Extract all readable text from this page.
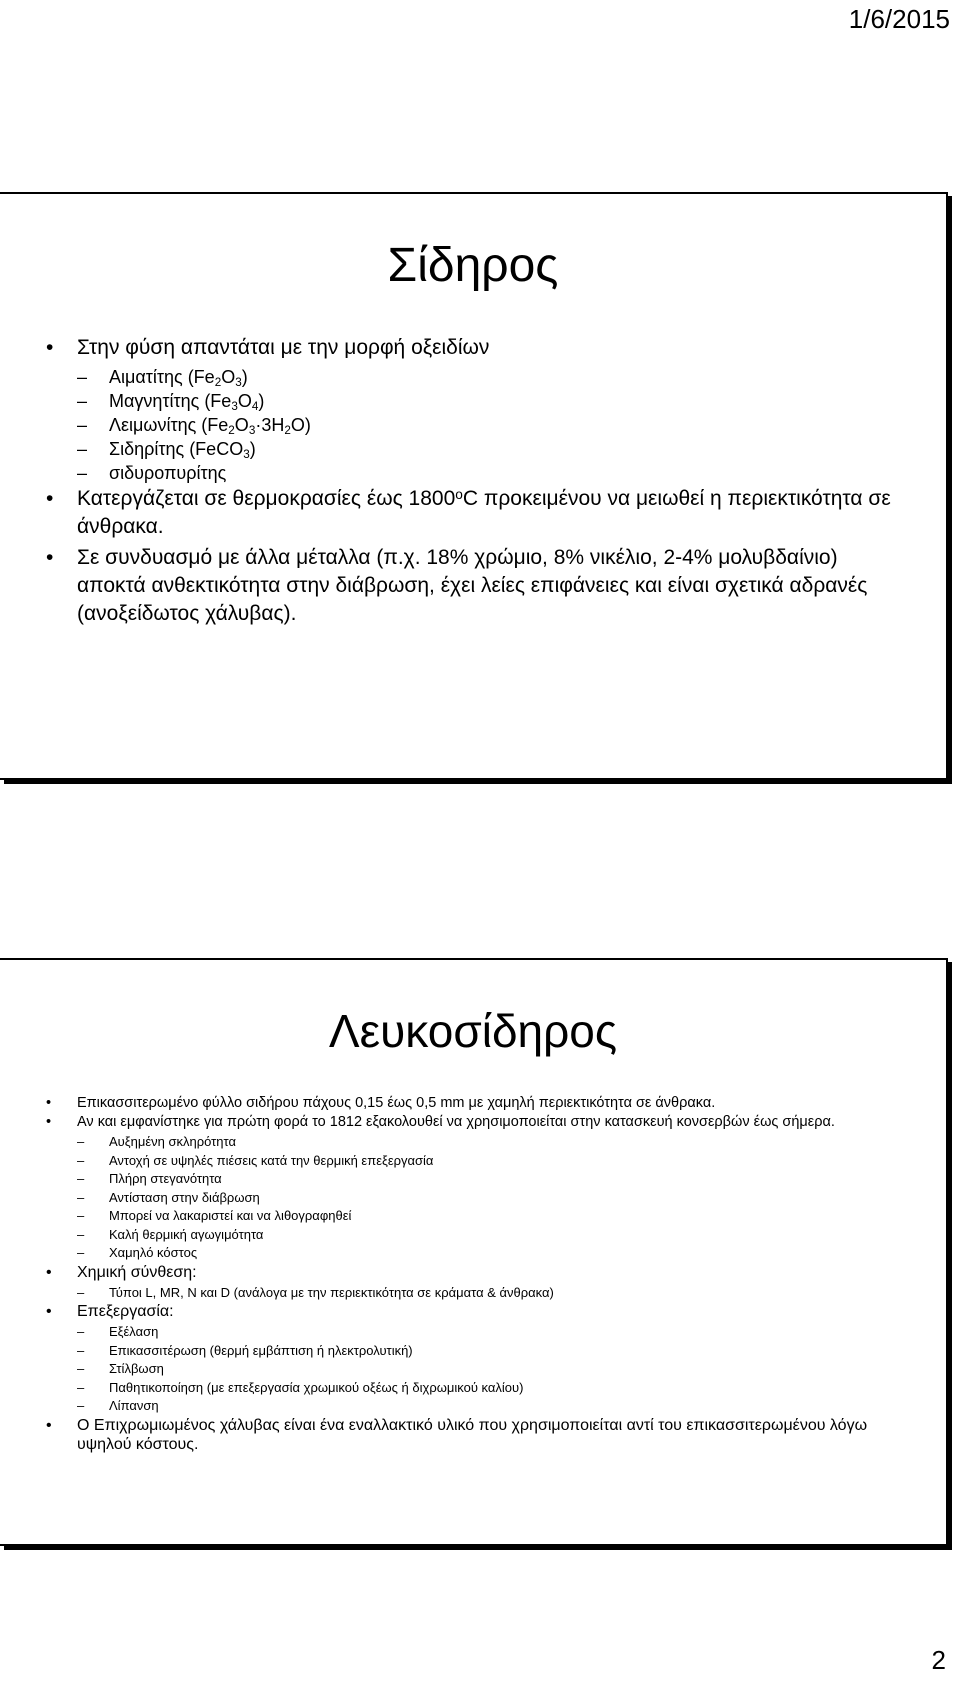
1/6/2015
Σίδηρος
• Στην φύση απαντάται με την μορφή οξειδίων
– Αιματίτης $(Fe_2O_3)$
– Μαγνητίτης $(Fe_3O_4)$
– Λειμωνίτης $(Fe_2O_3\cdot 3H_2O)$
– Σιδηρίτης (FeCO$_3$)
– σιδυροπυρίτης
• Κατεργάζεται σε θερμοκρασίες έως 1800$^o$C προκειμένου να μειωθεί η περιεκτικότητα σε άνθρακα.
• Σε συνδυασμό με άλλα μέταλλα (π.χ. 18% χρώμιο, 8% νικέλιο, 2-4% μολυβδαίνιο) αποκτά ανθεκτικότητα στην διάβρωση, έχει λείες επιφάνειες και είναι σχετικά αδρανές (ανοξείδωτος χάλυβας).
Λευκοσίδηρος
• Επικασσιτερωμένο φύλλο σιδήρου πάχους 0,15 έως 0,5 mm με χαμηλή περιεκτικότητα σε άνθρακα.
• Αν και εμφανίστηκε για πρώτη φορά το 1812 εξακολουθεί να χρησιμοποιείται στην κατασκευή κονσερβών έως σήμερα.
– Αυξημένη σκληρότητα
– Αντοχή σε υψηλές πιέσεις κατά την θερμική επεξεργασία
– Πλήρη στεγανότητα
– Αντίσταση στην διάβρωση
– Μπορεί να λακαριστεί και να λιθογραφηθεί
– Καλή θερμική αγωγιμότητα
– Χαμηλό κόστος
• Χημική σύνθεση:
– Τύποι L, MR, N και D (ανάλογα με την περιεκτικότητα σε κράματα & άνθρακα)
• Επεξεργασία:
– Εξέλαση
– Επικασσιτέρωση (θερμή εμβάπτιση ή ηλεκτρολυτική)
– Στίλβωση
– Παθητικοποίηση (με επεξεργασία χρωμικού οξέως ή διχρωμικού καλίου)
– Λίπανση
• Ο Επιχρωμιωμένος χάλυβας είναι ένα εναλλακτικό υλικό που χρησιμοποιείται αντί του επικασσιτερωμένου λόγω υψηλού κόστους.
2
